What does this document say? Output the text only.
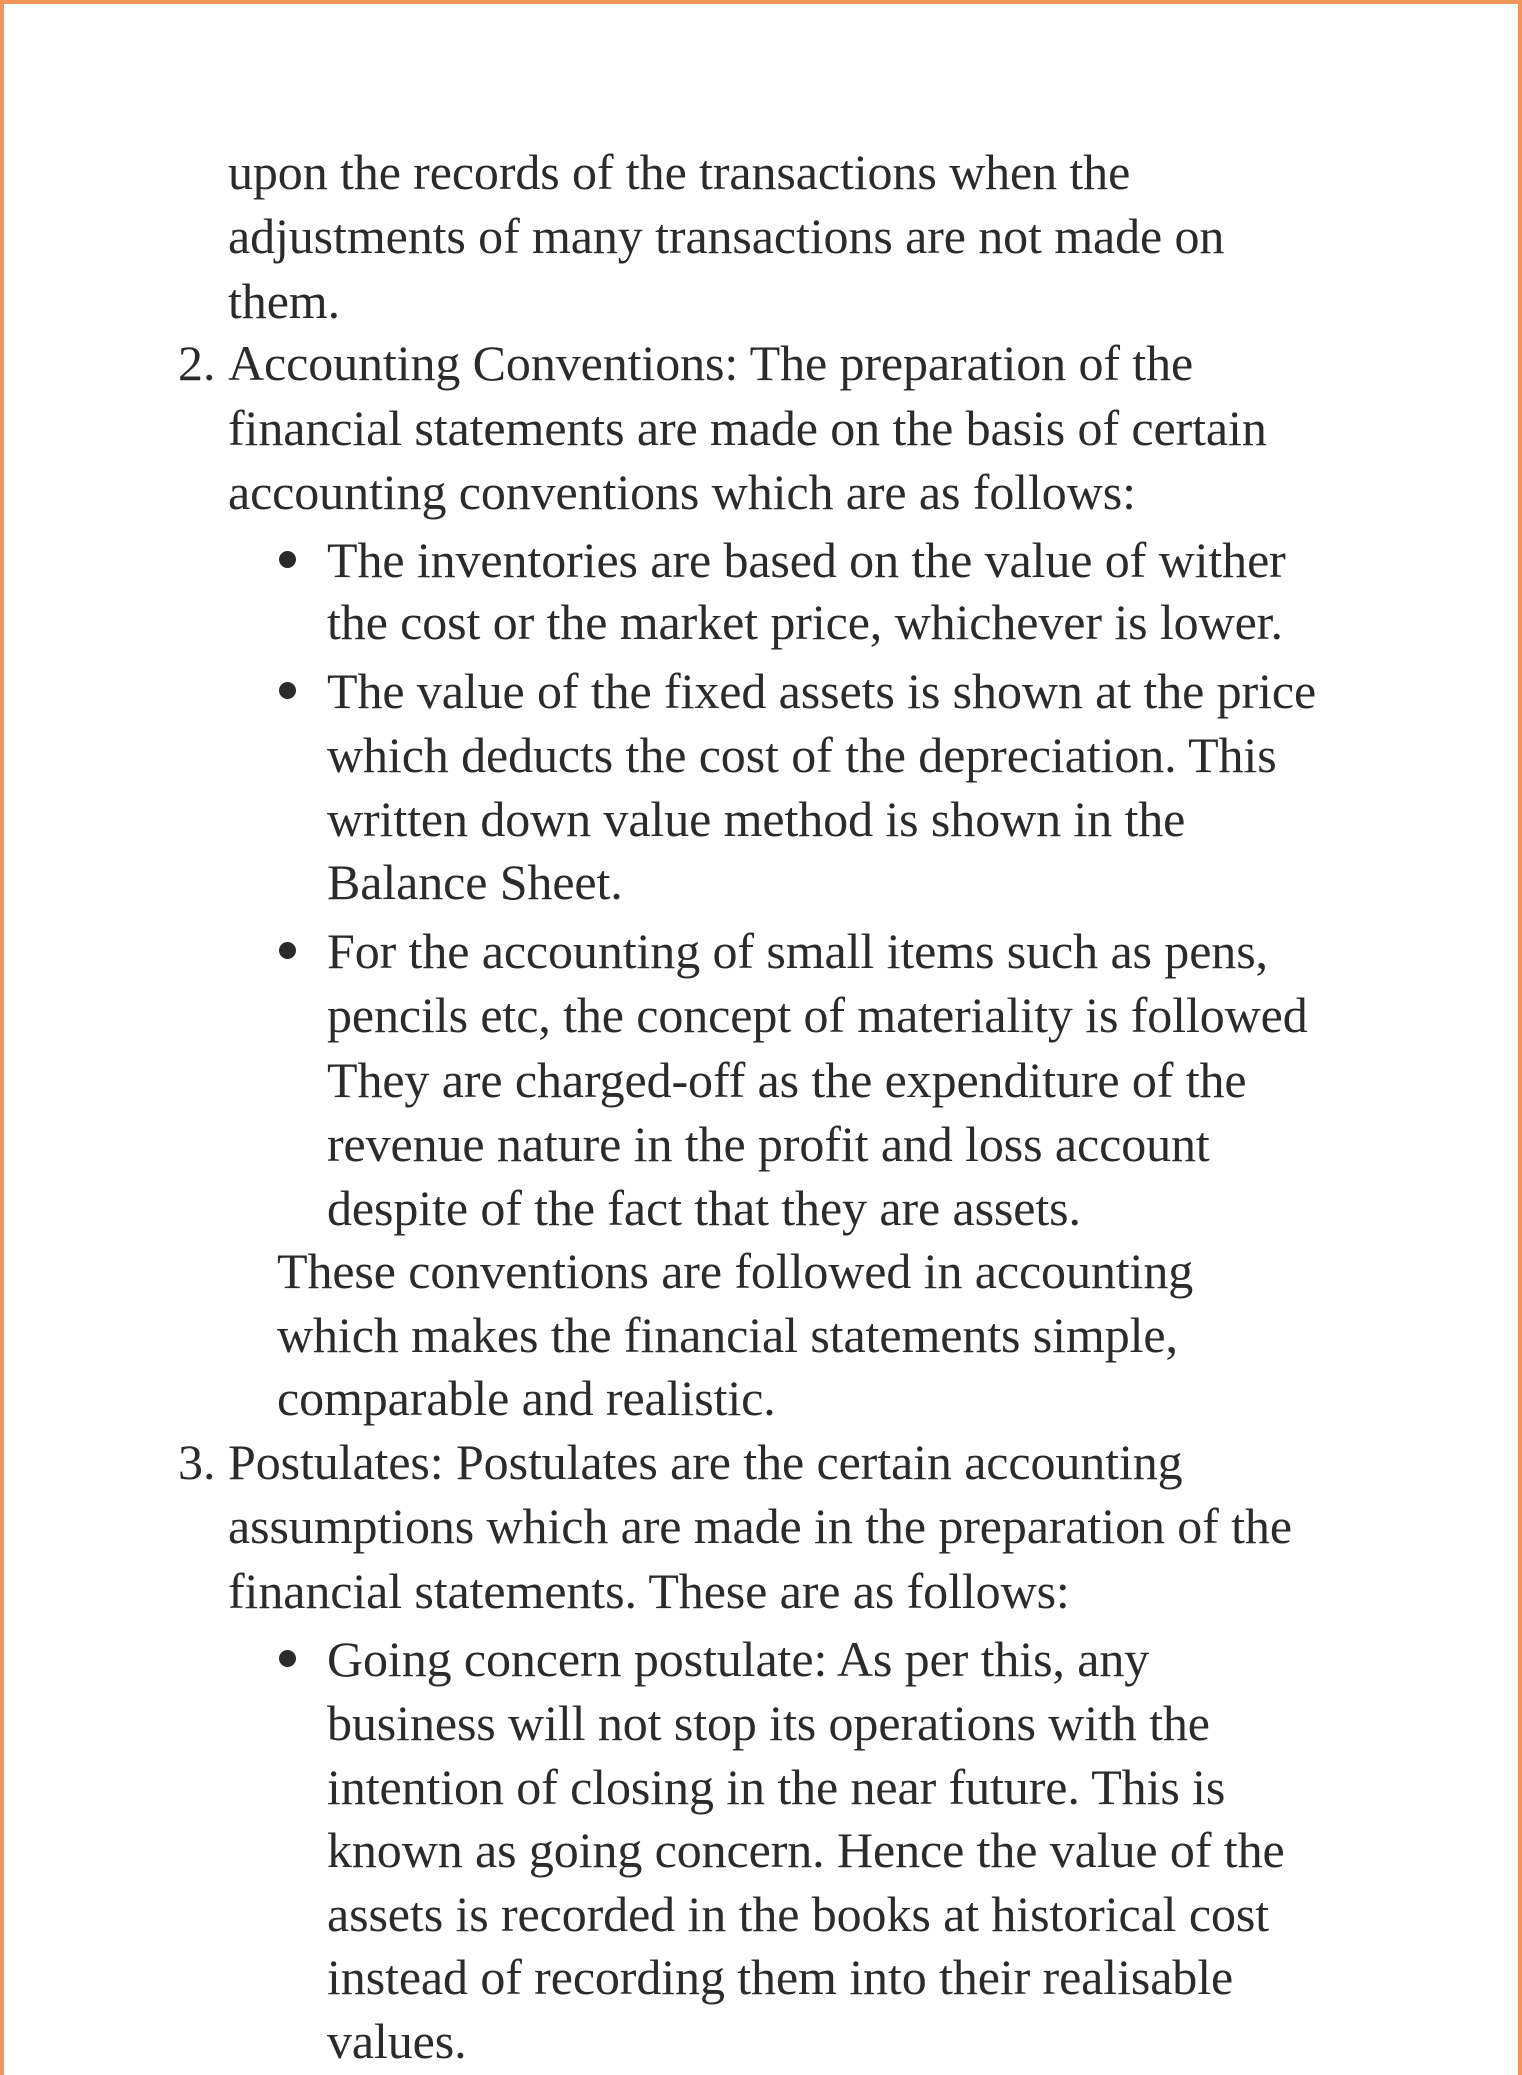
upon the records of the transactions when the
adjustments of many transactions are not made on
them.
2. Accounting Conventions: The preparation of the
financial statements are made on the basis of certain
accounting conventions which are as follows:
The inventories are based on the value of wither
the cost or the market price, whichever is lower.
The value of the fixed assets is shown at the price
which deducts the cost of the depreciation. This
written down value method is shown in the
Balance Sheet.
For the accounting of small items such as pens,
pencils etc, the concept of materiality is followed
They are charged-off as the expenditure of the
revenue nature in the profit and loss account
despite of the fact that they are assets.
These conventions are followed in accounting
which makes the financial statements simple,
comparable and realistic.
3. Postulates: Postulates are the certain accounting
assumptions which are made in the preparation of the
financial statements. These are as follows:
Going concern postulate: As per this, any
business will not stop its operations with the
intention of closing in the near future. This is
known as going concern. Hence the value of the
assets is recorded in the books at historical cost
instead of recording them into their realisable
values.
